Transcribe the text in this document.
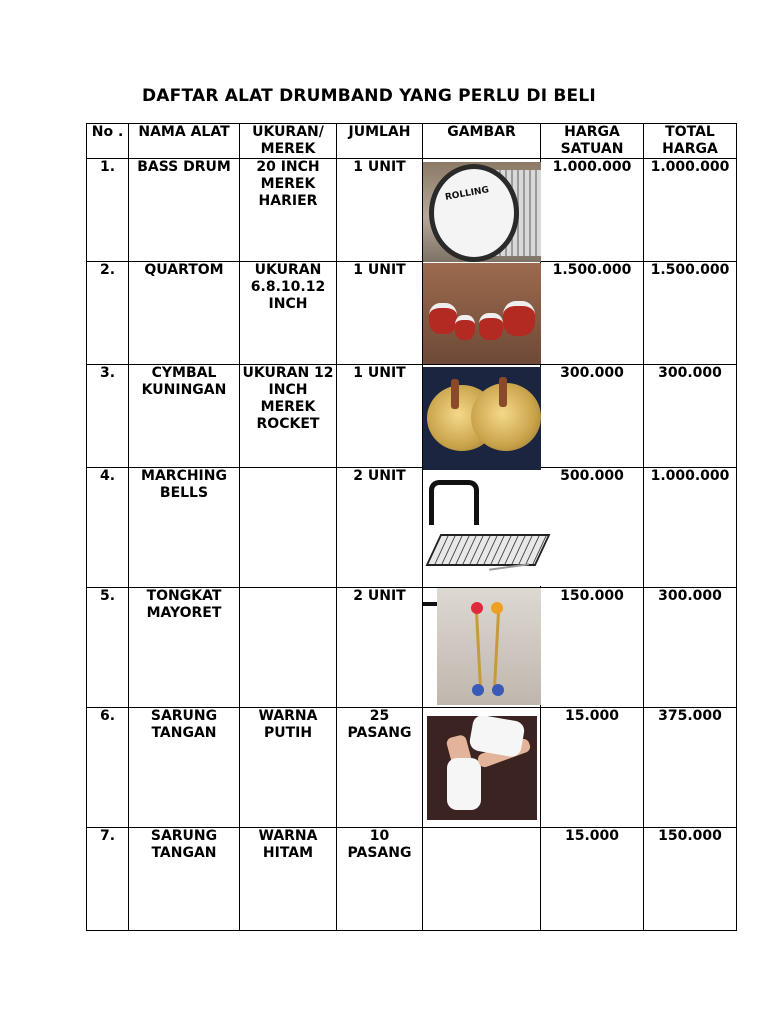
DAFTAR ALAT DRUMBAND YANG PERLU DI BELI
No .	NAMA ALAT	UKURAN/ MEREK	JUMLAH	GAMBAR	HARGA SATUAN	TOTAL HARGA
1.	BASS DRUM	20 INCH MEREK HARIER	1 UNIT	ROLLING	1.000.000	1.000.000
2.	QUARTOM	UKURAN 6.8.10.12 INCH	1 UNIT		1.500.000	1.500.000
3.	CYMBAL KUNINGAN	UKURAN 12 INCH MEREK ROCKET	1 UNIT		300.000	300.000
4.	MARCHING BELLS		2 UNIT		500.000	1.000.000
5.	TONGKAT MAYORET		2 UNIT		150.000	300.000
6.	SARUNG TANGAN	WARNA PUTIH	25 PASANG		15.000	375.000
7.	SARUNG TANGAN	WARNA HITAM	10 PASANG		15.000	150.000
